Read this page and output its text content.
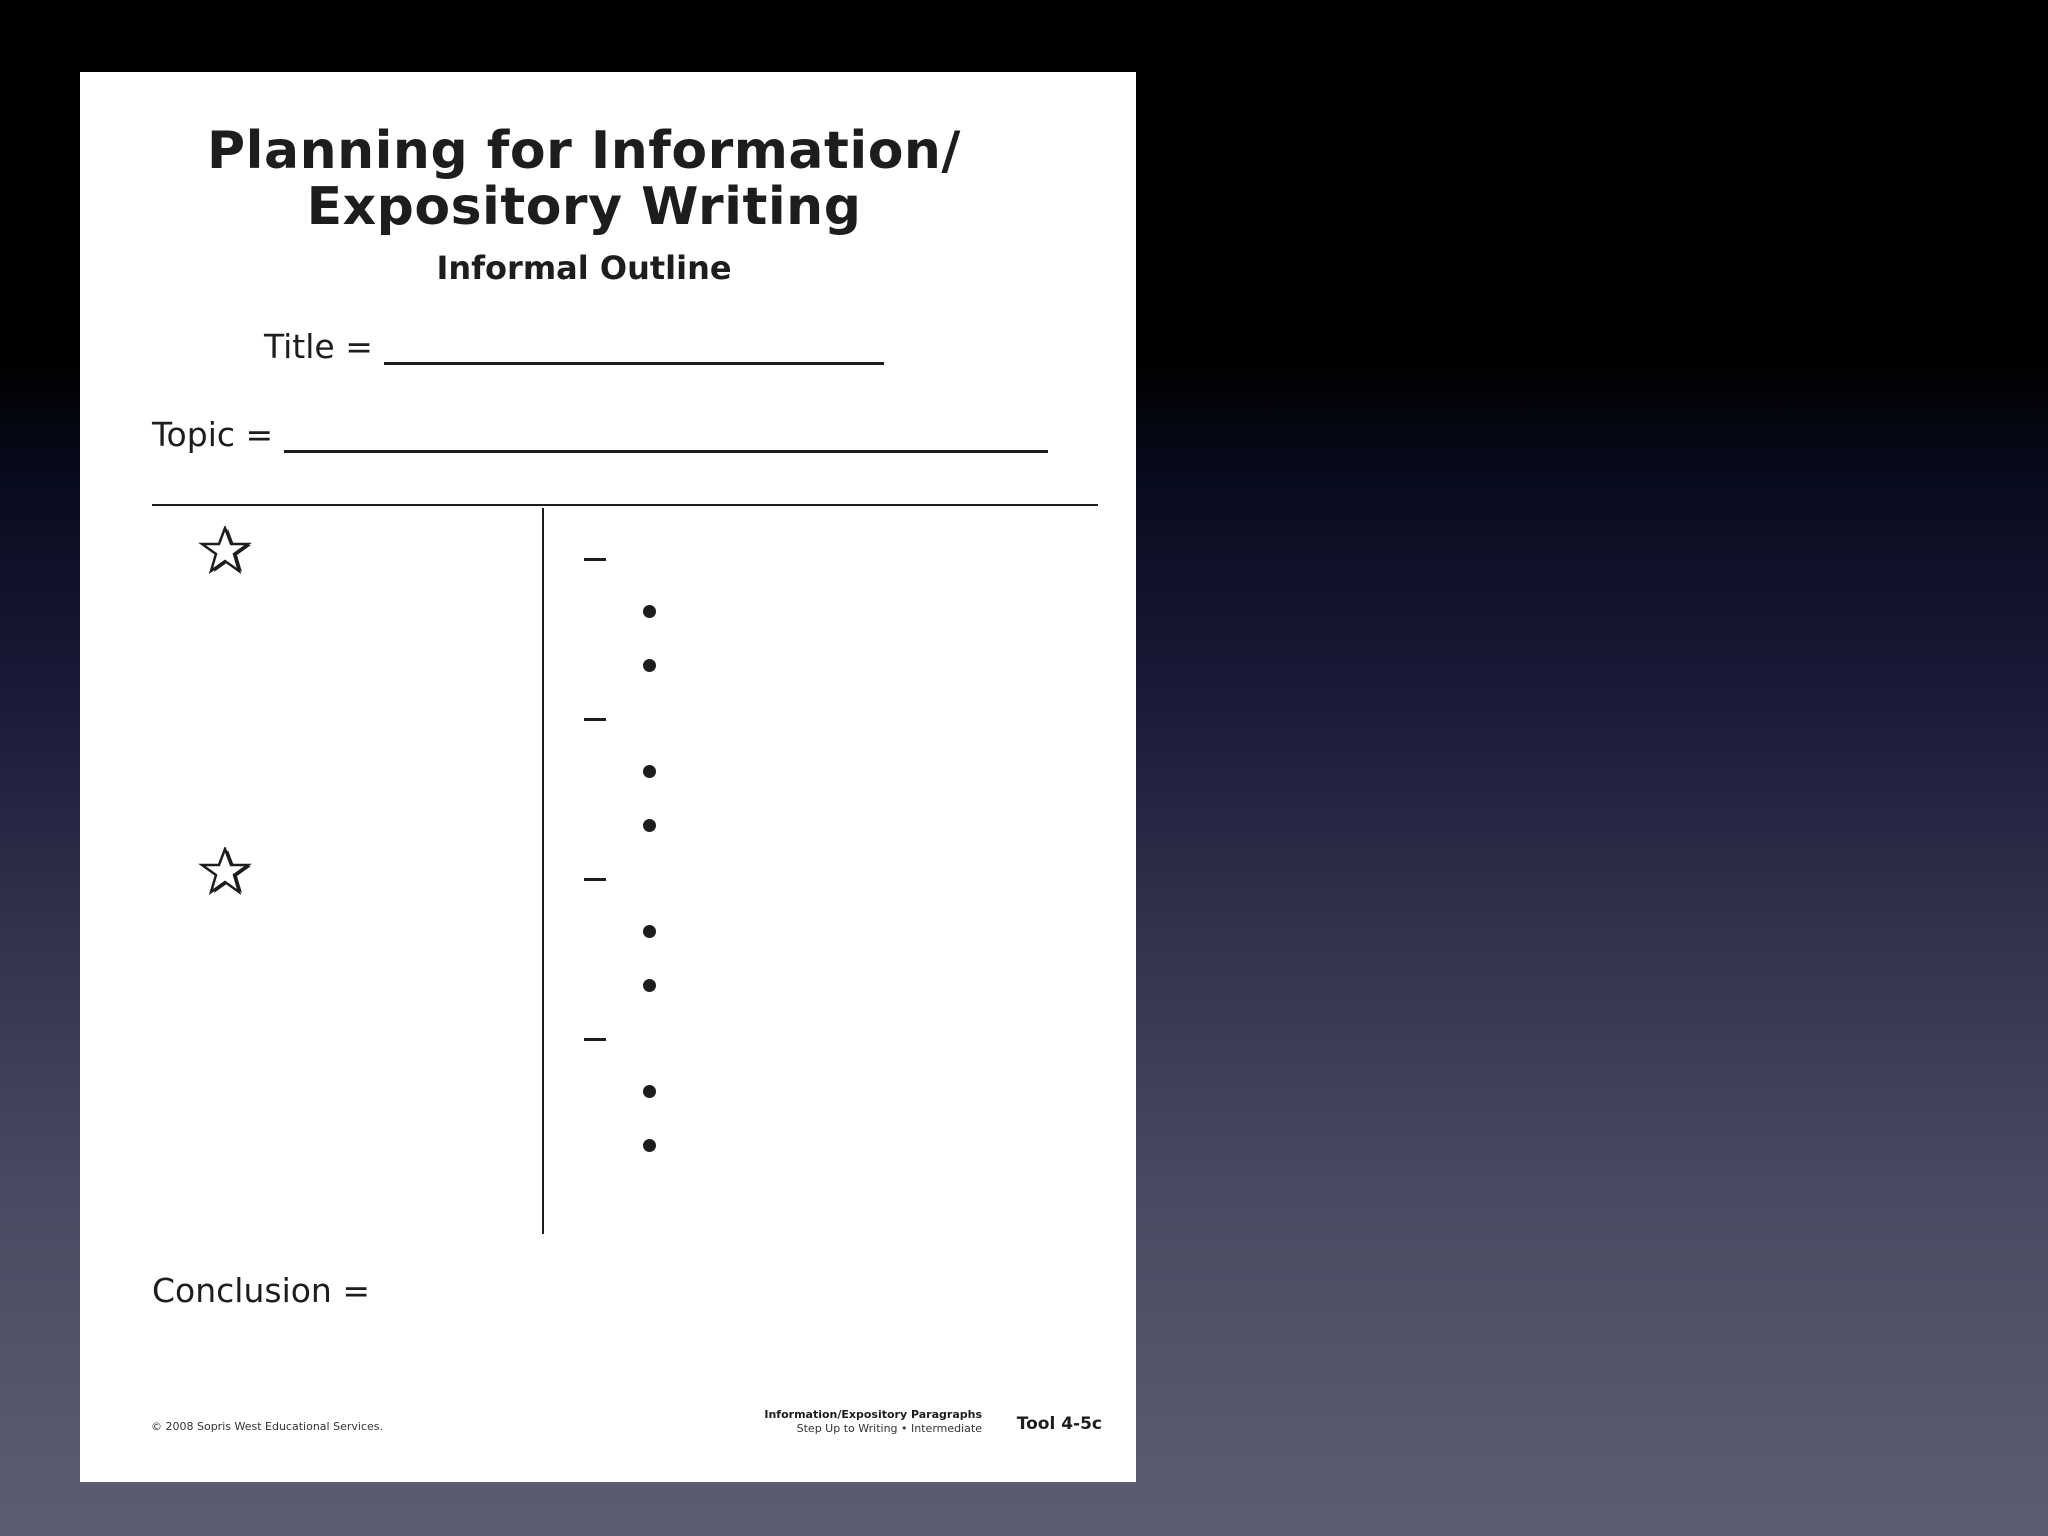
Planning for Information/
Expository Writing
Informal Outline
Title =
Topic =
Conclusion =
© 2008 Sopris West Educational Services.
Information/Expository Paragraphs
Step Up to Writing • Intermediate Tool 4-5c
